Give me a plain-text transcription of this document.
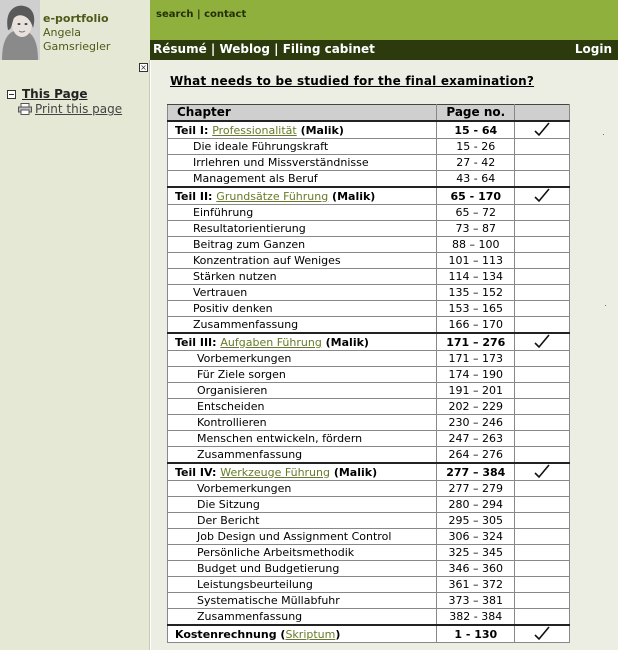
e-portfolio
Angela Gamsriegler
search | contact
Résumé | Weblog | Filing cabinet	Login
×
This Page
Print this page
What needs to be studied for the final examination?
Chapter	Page no.	
Teil I: Professionalität (Malik)	15 - 64	
Die ideale Führungskraft	15 - 26	
Irrlehren und Missverständnisse	27 - 42	
Management als Beruf	43 - 64	
Teil II: Grundsätze Führung (Malik)	65 - 170	
Einführung	65 – 72	
Resultatorientierung	73 – 87	
Beitrag zum Ganzen	88 – 100	
Konzentration auf Weniges	101 – 113	
Stärken nutzen	114 – 134	
Vertrauen	135 – 152	
Positiv denken	153 – 165	
Zusammenfassung	166 – 170	
Teil III: Aufgaben Führung (Malik)	171 – 276	
Vorbemerkungen	171 – 173	
Für Ziele sorgen	174 – 190	
Organisieren	191 – 201	
Entscheiden	202 – 229	
Kontrollieren	230 – 246	
Menschen entwickeln, fördern	247 – 263	
Zusammenfassung	264 – 276	
Teil IV: Werkzeuge Führung (Malik)	277 – 384	
Vorbemerkungen	277 – 279	
Die Sitzung	280 – 294	
Der Bericht	295 – 305	
Job Design und Assignment Control	306 – 324	
Persönliche Arbeitsmethodik	325 – 345	
Budget und Budgetierung	346 – 360	
Leistungsbeurteilung	361 – 372	
Systematische Müllabfuhr	373 – 381	
Zusammenfassung	382 - 384	
Kostenrechnung (Skriptum)	1 - 130	
